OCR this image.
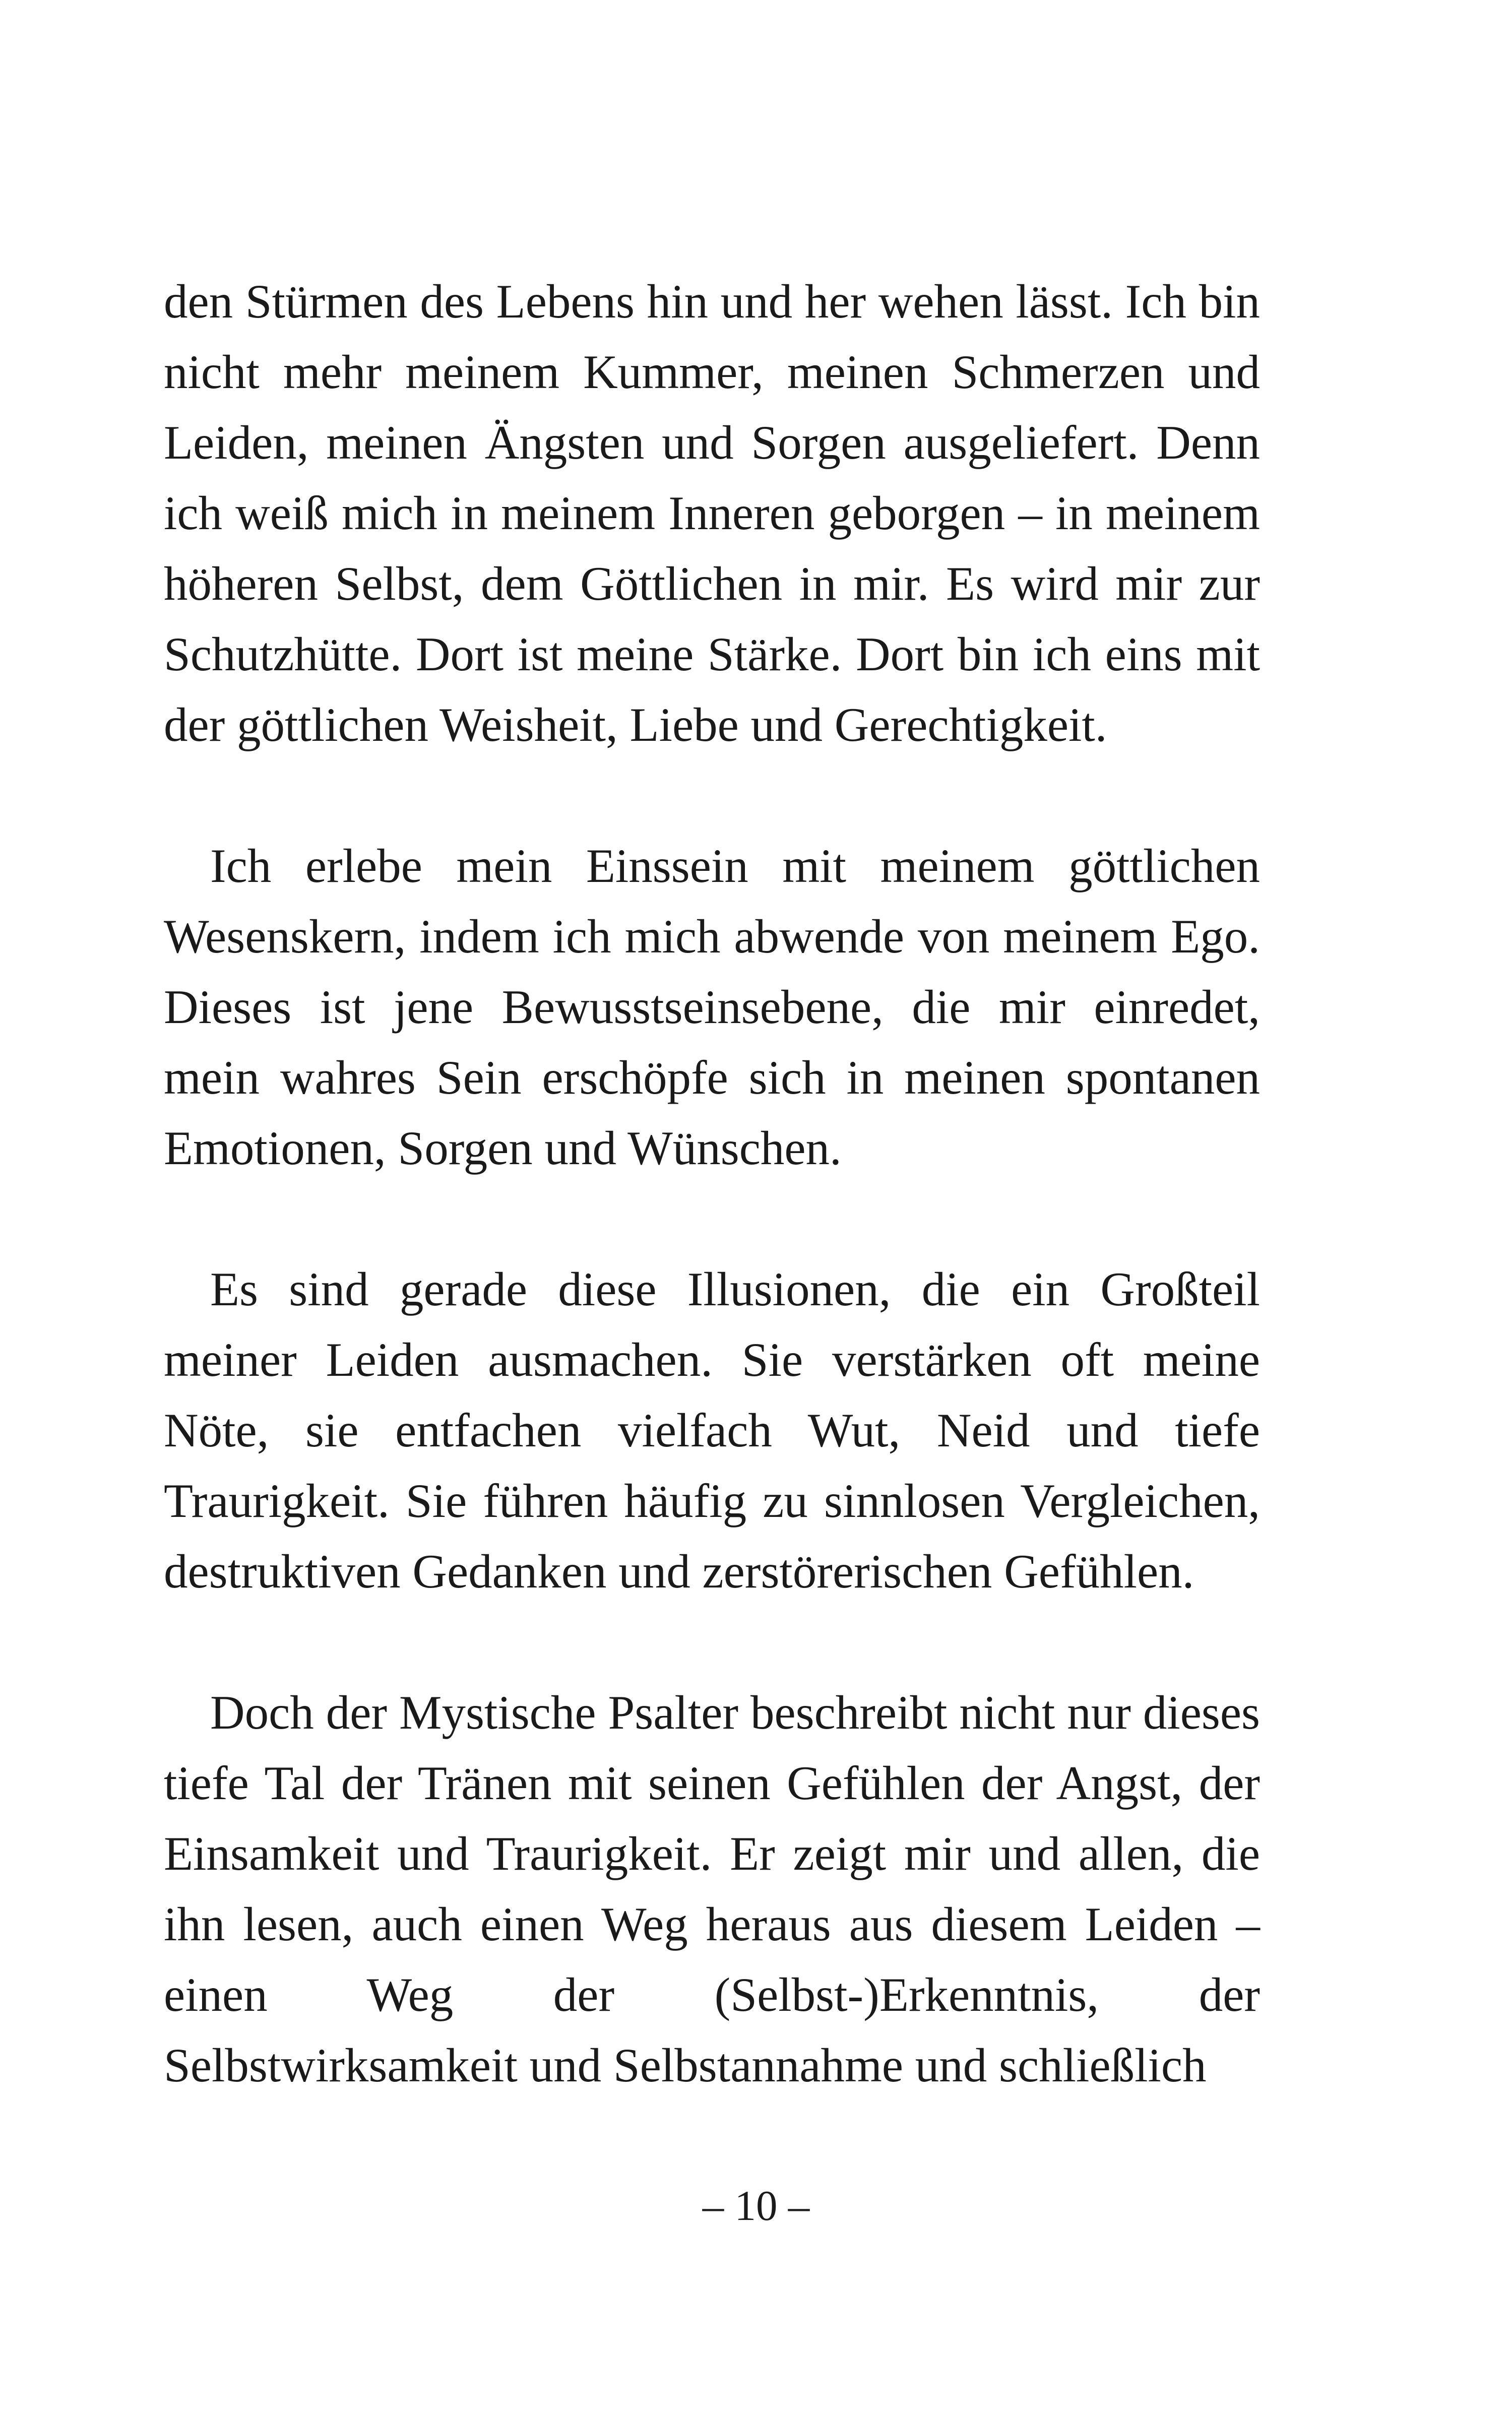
den Stürmen des Lebens hin und her wehen lässt. Ich bin nicht mehr meinem Kummer, meinen Schmerzen und Leiden, meinen Ängsten und Sorgen ausgeliefert. Denn ich weiß mich in meinem Inneren geborgen – in meinem höheren Selbst, dem Göttlichen in mir. Es wird mir zur Schutzhütte. Dort ist meine Stärke. Dort bin ich eins mit der göttlichen Weisheit, Liebe und Gerechtigkeit.

Ich erlebe mein Einssein mit meinem göttlichen Wesenskern, indem ich mich abwende von meinem Ego. Dieses ist jene Bewusstseinsebene, die mir einredet, mein wahres Sein erschöpfe sich in meinen spontanen Emotionen, Sorgen und Wünschen.

Es sind gerade diese Illusionen, die ein Großteil meiner Leiden ausmachen. Sie verstärken oft meine Nöte, sie entfachen vielfach Wut, Neid und tiefe Traurigkeit. Sie führen häufig zu sinnlosen Vergleichen, destruktiven Gedanken und zerstörerischen Gefühlen.

Doch der Mystische Psalter beschreibt nicht nur dieses tiefe Tal der Tränen mit seinen Gefühlen der Angst, der Einsamkeit und Traurigkeit. Er zeigt mir und allen, die ihn lesen, auch einen Weg heraus aus diesem Leiden – einen Weg der (Selbst-)Erkenntnis, der Selbstwirksamkeit und Selbstannahme und schließlich

– 10 –
